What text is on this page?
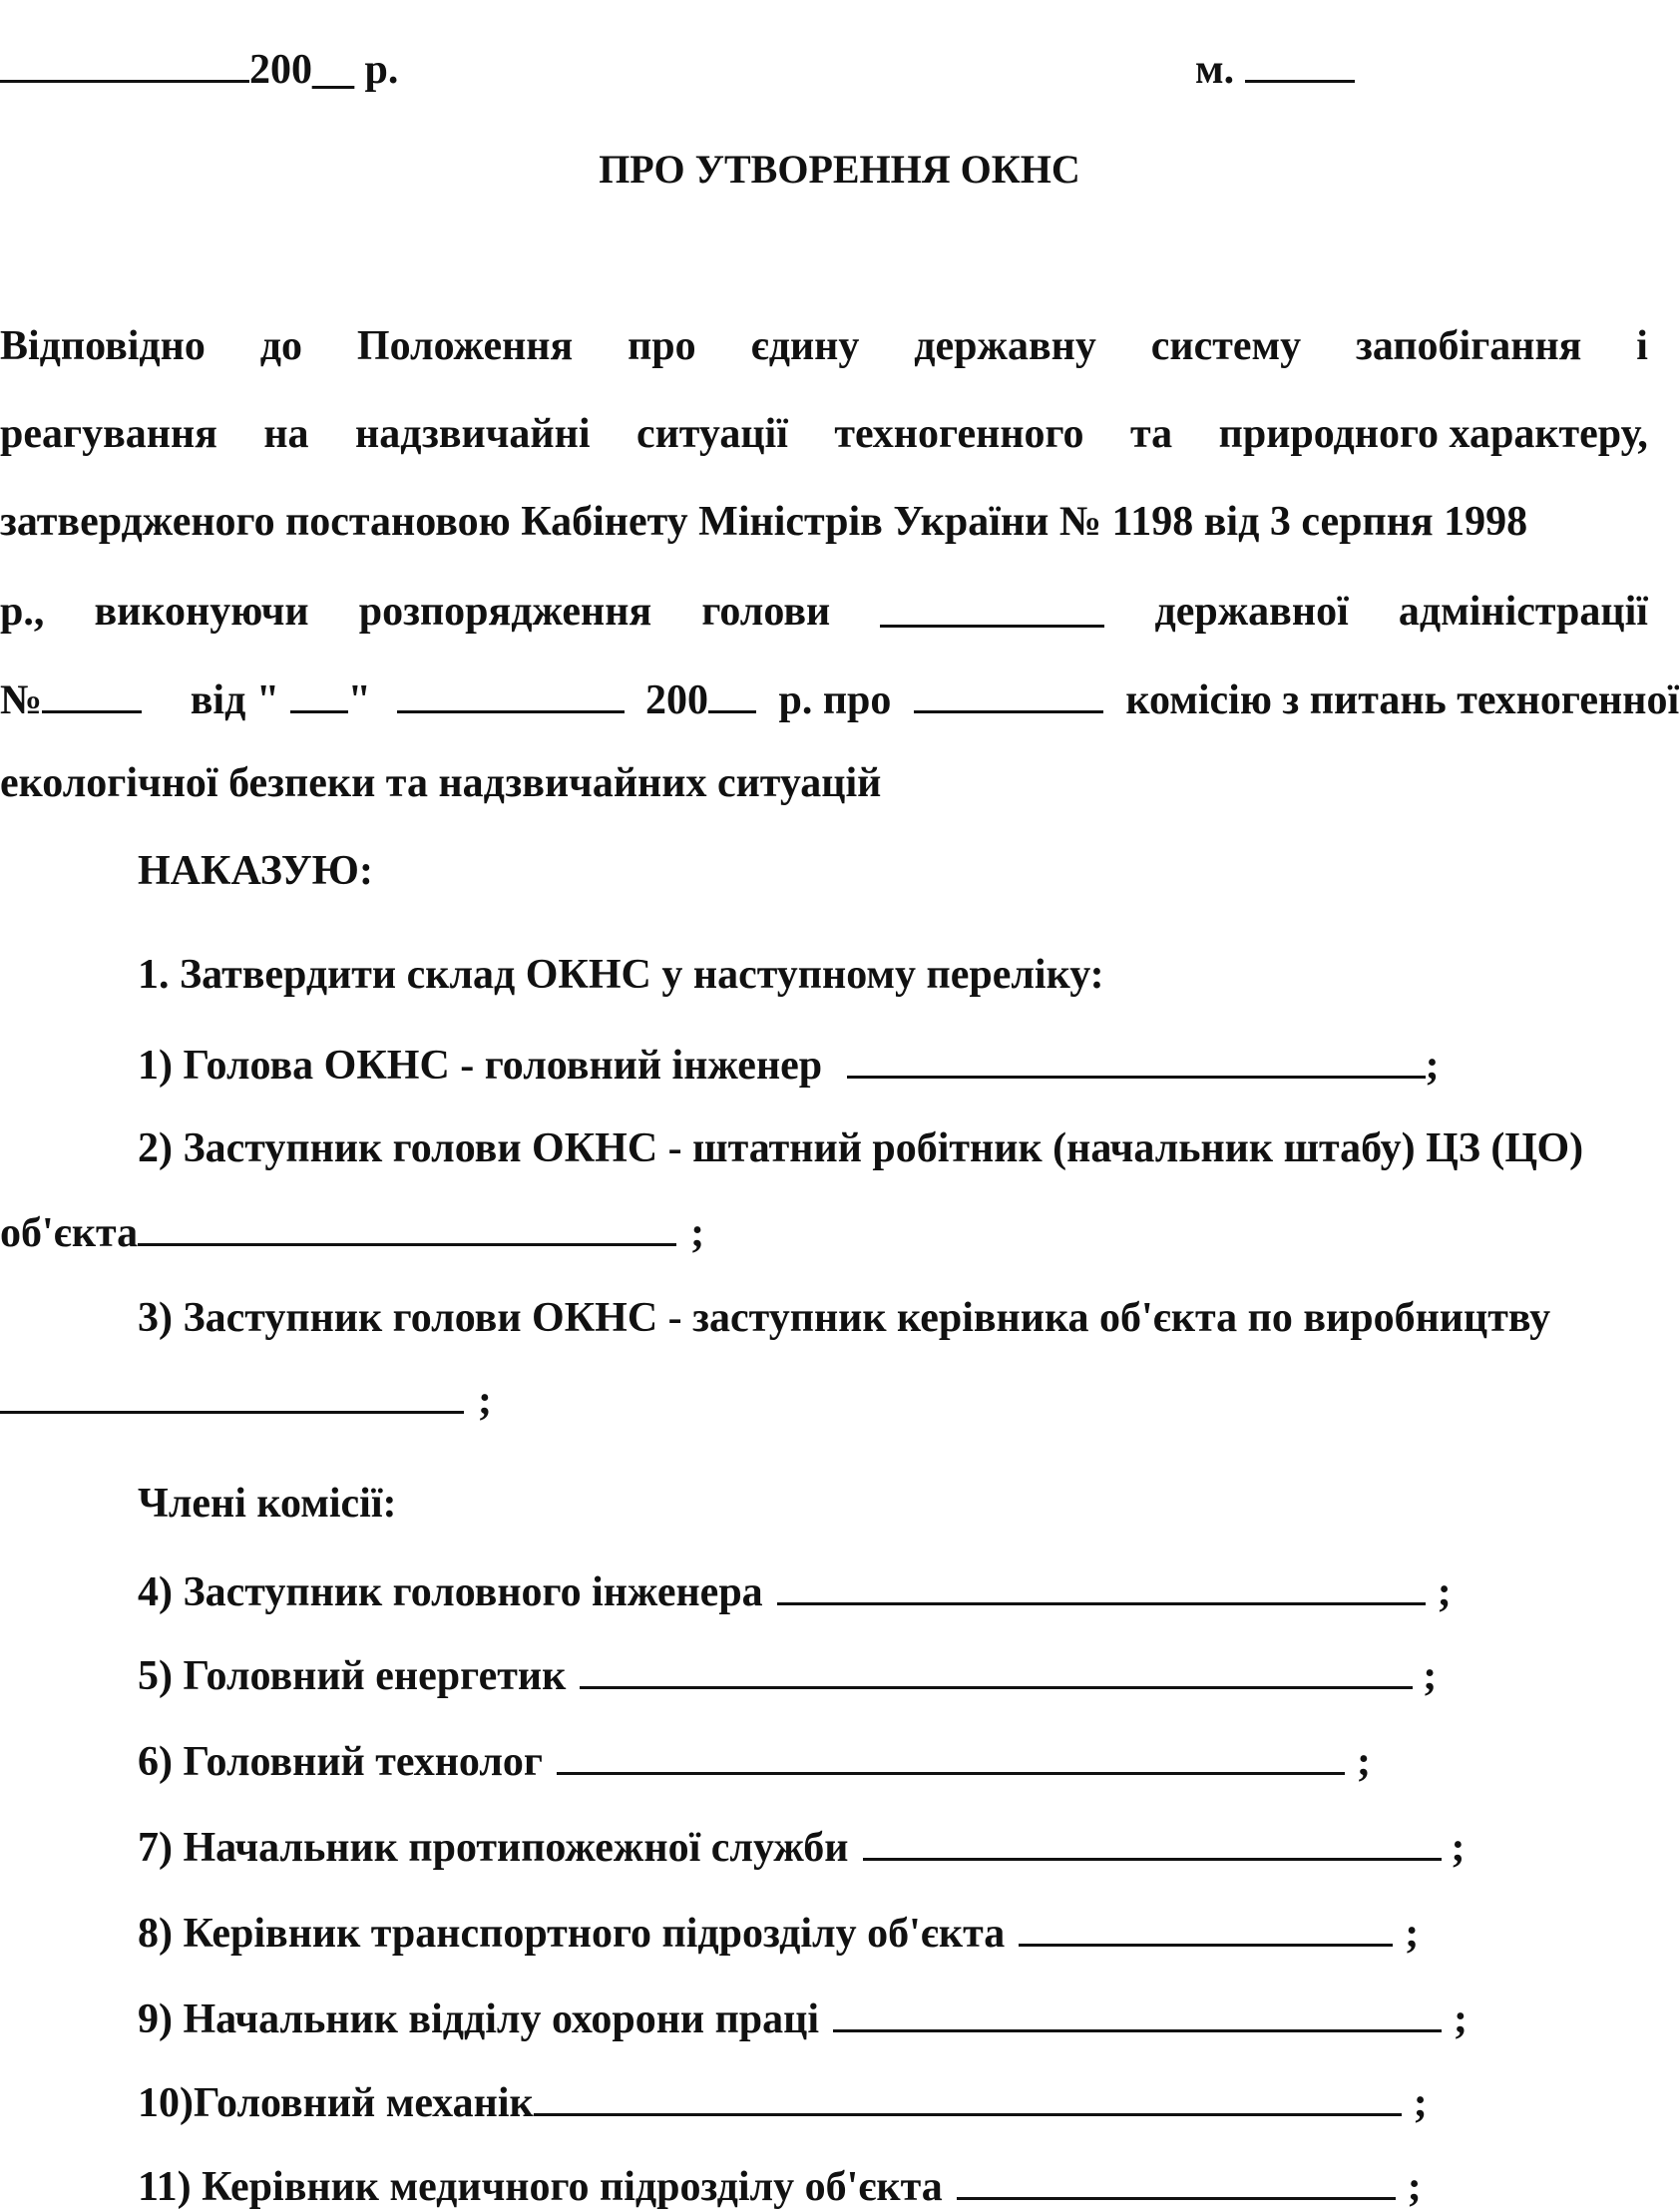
200__ р.	м.
ПРО УТВОРЕННЯ ОКНС
Відповідно до Положення про єдину державну систему запобігання і
реагування на надзвичайні ситуації техногенного та природного характеру,
затвердженого постановою Кабінету Міністрів України № 1198 від 3 серпня 1998
р., виконуючи розпорядження голови	державної адміністрації
№	від " "	200 р. про	комісію з питань техногенної
екологічної безпеки та надзвичайних ситуацій
НАКАЗУЮ:
1. Затвердити склад ОКНС у наступному переліку:
1) Голова ОКНС - головний інженер	;
2) Заступник голови ОКНС - штатний робітник (начальник штабу) ЦЗ (ЦО)
об'єкта	;
3) Заступник голови ОКНС - заступник керівника об'єкта по виробництву
;
Члені комісії:
4) Заступник головного інженера	;
5) Головний енергетик	;
6) Головний технолог	;
7) Начальник протипожежної служби	;
8) Керівник транспортного підрозділу об'єкта	;
9) Начальник відділу охорони праці	;
10)Головний механік	;
11) Керівник медичного підрозділу об'єкта	;
